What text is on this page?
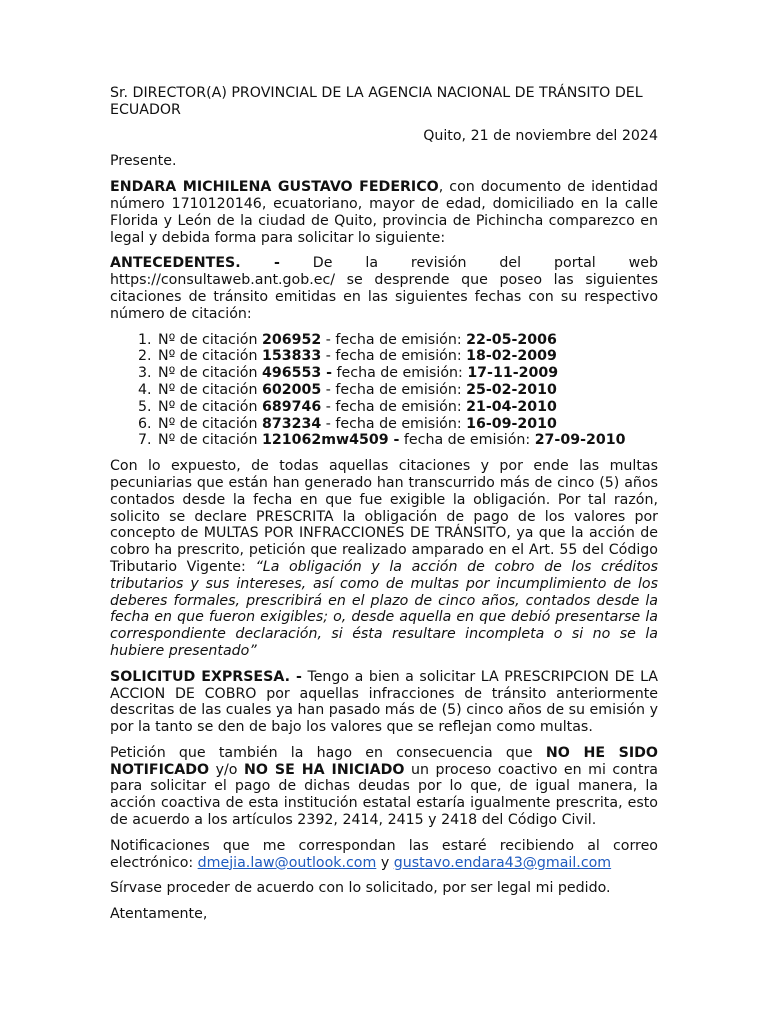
Sr. DIRECTOR(A) PROVINCIAL DE LA AGENCIA NACIONAL DE TRÁNSITO DEL ECUADOR

Quito, 21 de noviembre del 2024

Presente.

ENDARA MICHILENA GUSTAVO FEDERICO, con documento de identidad número 1710120146, ecuatoriano, mayor de edad, domiciliado en la calle Florida y León de la ciudad de Quito, provincia de Pichincha comparezco en legal y debida forma para solicitar lo siguiente:

ANTECEDENTES. - De la revisión del portal web https://consultaweb.ant.gob.ec/ se desprende que poseo las siguientes citaciones de tránsito emitidas en las siguientes fechas con su respectivo número de citación:

1. Nº de citación 206952 - fecha de emisión: 22-05-2006
2. Nº de citación 153833 - fecha de emisión: 18-02-2009
3. Nº de citación 496553 - fecha de emisión: 17-11-2009
4. Nº de citación 602005 - fecha de emisión: 25-02-2010
5. Nº de citación 689746 - fecha de emisión: 21-04-2010
6. Nº de citación 873234 - fecha de emisión: 16-09-2010
7. Nº de citación 121062mw4509 - fecha de emisión: 27-09-2010

Con lo expuesto, de todas aquellas citaciones y por ende las multas pecuniarias que están han generado han transcurrido más de cinco (5) años contados desde la fecha en que fue exigible la obligación. Por tal razón, solicito se declare PRESCRITA la obligación de pago de los valores por concepto de MULTAS POR INFRACCIONES DE TRÁNSITO, ya que la acción de cobro ha prescrito, petición que realizado amparado en el Art. 55 del Código Tributario Vigente: “La obligación y la acción de cobro de los créditos tributarios y sus intereses, así como de multas por incumplimiento de los deberes formales, prescribirá en el plazo de cinco años, contados desde la fecha en que fueron exigibles; o, desde aquella en que debió presentarse la correspondiente declaración, si ésta resultare incompleta o si no se la hubiere presentado”

SOLICITUD EXPRSESA. - Tengo a bien a solicitar LA PRESCRIPCION DE LA ACCION DE COBRO por aquellas infracciones de tránsito anteriormente descritas de las cuales ya han pasado más de (5) cinco años de su emisión y por la tanto se den de bajo los valores que se reflejan como multas.

Petición que también la hago en consecuencia que NO HE SIDO NOTIFICADO y/o NO SE HA INICIADO un proceso coactivo en mi contra para solicitar el pago de dichas deudas por lo que, de igual manera, la acción coactiva de esta institución estatal estaría igualmente prescrita, esto de acuerdo a los artículos 2392, 2414, 2415 y 2418 del Código Civil.

Notificaciones que me correspondan las estaré recibiendo al correo electrónico: dmejia.law@outlook.com y gustavo.endara43@gmail.com

Sírvase proceder de acuerdo con lo solicitado, por ser legal mi pedido.

Atentamente,
